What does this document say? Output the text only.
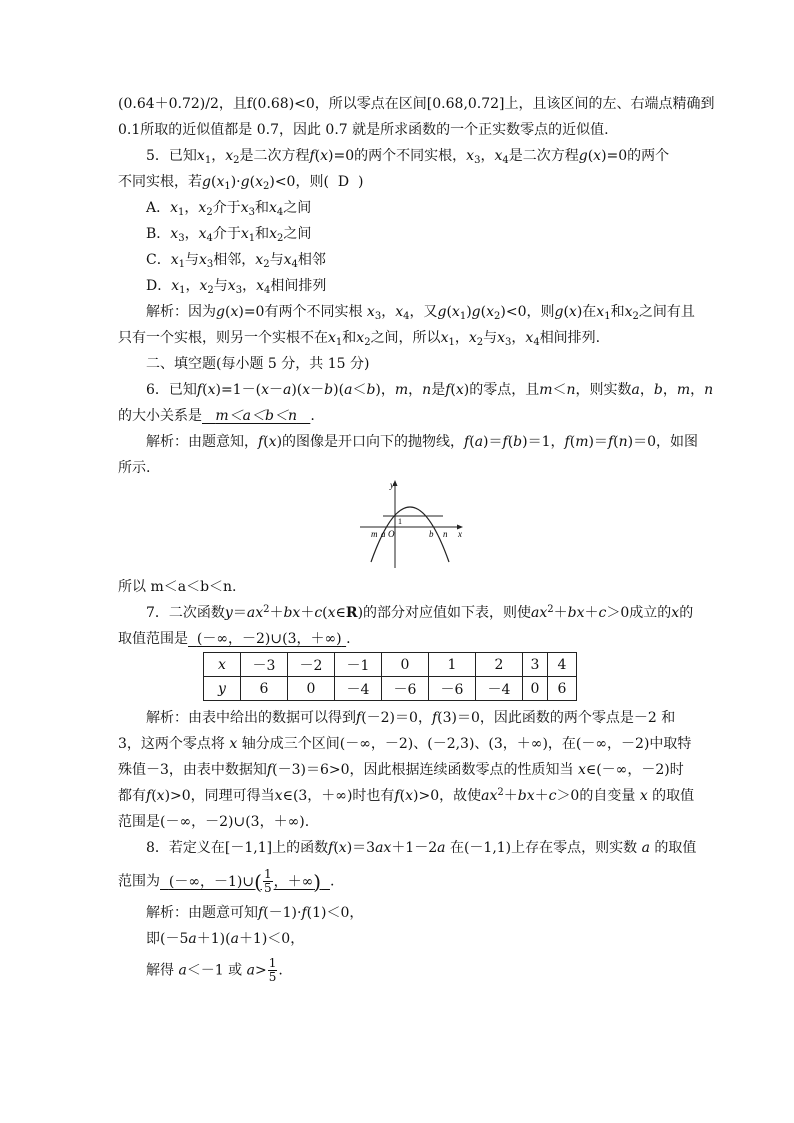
(0.64＋0.72)/2，且f(0.68)<0，所以零点在区间[0.68,0.72]上，且该区间的左、右端点精确到
0.1所取的近似值都是 0.7，因此 0.7 就是所求函数的一个正实数零点的近似值.
5．已知$x_1$，$x_2$是二次方程f(x)=0的两个不同实根，$x_3$，$x_4$是二次方程g(x)=0的两个
不同实根，若$g(x_1)\cdot g(x_2)<0$，则( D )
A．$x_1$，$x_2$介于$x_3$和$x_4$之间
B．$x_3$，$x_4$介于$x_1$和$x_2$之间
C．$x_1$与$x_3$相邻，$x_2$与$x_4$相邻
D．$x_1$，$x_2$与$x_3$，$x_4$相间排列
解析：因为g(x)=0有两个不同实根 $x_3$，$x_4$，又$g(x_1)g(x_2)<0$，则g(x)在$x_1$和$x_2$之间有且
只有一个实根，则另一个实根不在$x_1$和$x_2$之间，所以$x_1$，$x_2$与$x_3$，$x_4$相间排列.
二、填空题(每小题 5 分，共 15 分)
6．已知f(x)=1－(x－a)(x－b)(a＜b)，m，n是f(x)的零点，且m＜n，则实数a，b，m，n
的大小关系是 m＜a＜b＜n .
解析：由题意知，f(x)的图像是开口向下的抛物线，f(a)＝f(b)＝1，f(m)＝f(n)＝0，如图
所示.
y
x
1
m a O	b n
所以 m＜a＜b＜n.
7．二次函数$y=ax^2+bx+c(x\in R)$的部分对应值如下表，则使$ax^2+bx+c>0$成立的x的
取值范围是 (－∞，－2)∪(3，＋∞) .
x	－3	－2	－1	0	1	2	3	4
y	6	0	－4	－6	－6	－4	0	6
解析：由表中给出的数据可以得到f(－2)＝0，f(3)＝0，因此函数的两个零点是－2 和
3，这两个零点将 x 轴分成三个区间(－∞，－2)、(－2,3)、(3，＋∞)，在(－∞，－2)中取特
殊值－3，由表中数据知f(－3)＝6>0，因此根据连续函数零点的性质知当 x∈(－∞，－2)时
都有f(x)>0，同理可得当x∈(3，＋∞)时也有f(x)>0，故使$ax^2+bx+c>0$的自变量 x 的取值
范围是(－∞，－2)∪(3，＋∞).
8．若定义在[－1,1]上的函数f(x)＝3ax＋1－2a 在(－1,1)上存在零点，则实数 a 的取值
范围为 (－∞，－1)∪( $\frac{1}{5}$ ，＋∞) .
解析：由题意可知f(－1)·f(1)＜0，
即(－5a＋1)(a＋1)＜0，
解得 a＜－1 或 $a> \frac{1}{5}$ .
